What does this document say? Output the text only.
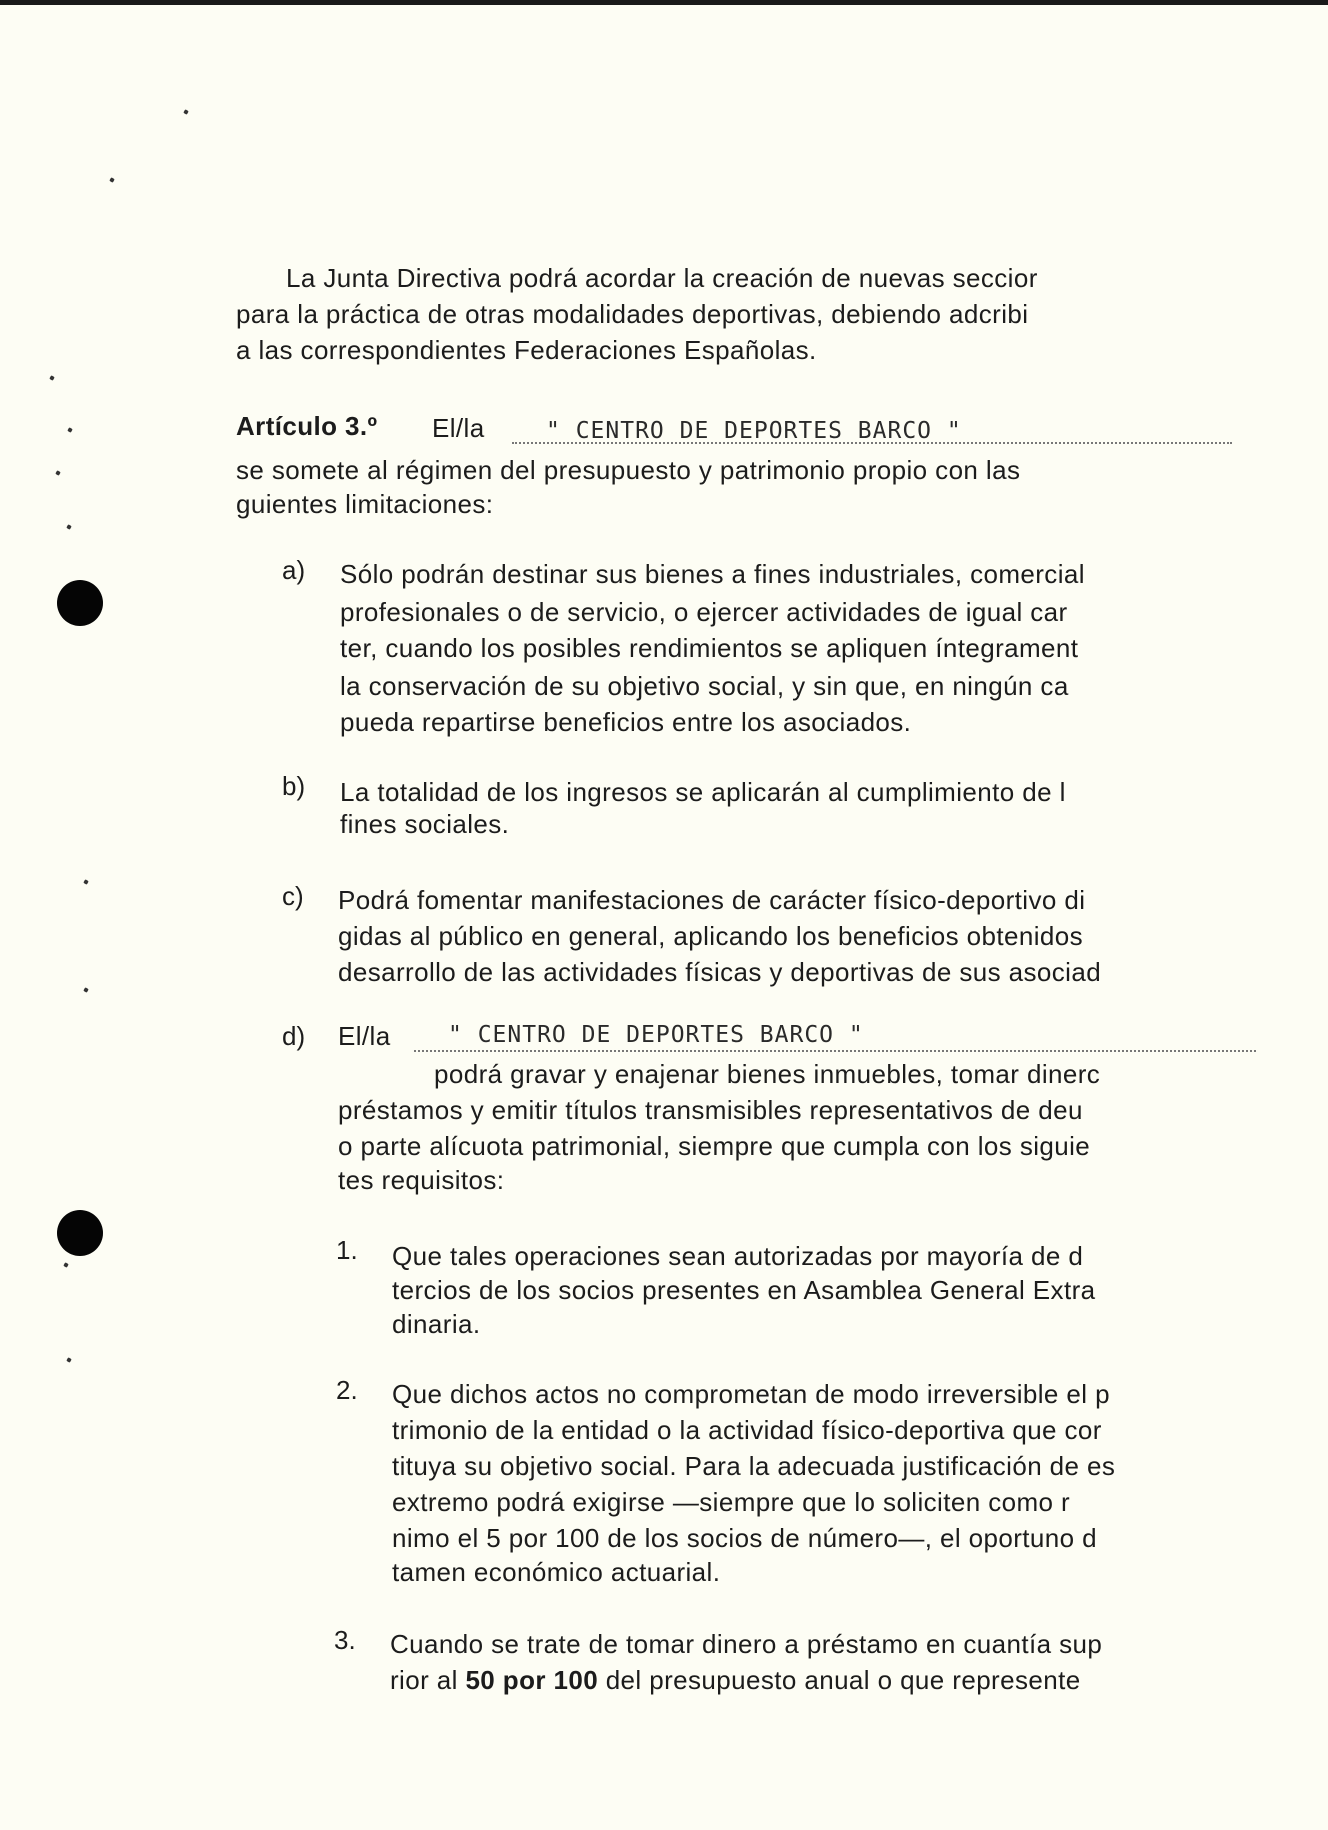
La Junta Directiva podrá acordar la creación de nuevas seccior
para la práctica de otras modalidades deportivas, debiendo adcribi
a las correspondientes Federaciones Españolas.
Artículo 3.º El/la	" CENTRO DE DEPORTES BARCO "
se somete al régimen del presupuesto y patrimonio propio con las
guientes limitaciones:
a) Sólo podrán destinar sus bienes a fines industriales, comercial
profesionales o de servicio, o ejercer actividades de igual car
ter, cuando los posibles rendimientos se apliquen íntegrament
la conservación de su objetivo social, y sin que, en ningún ca
pueda repartirse beneficios entre los asociados.
b) La totalidad de los ingresos se aplicarán al cumplimiento de l
fines sociales.
c) Podrá fomentar manifestaciones de carácter físico-deportivo di
gidas al público en general, aplicando los beneficios obtenidos
desarrollo de las actividades físicas y deportivas de sus asociad
d) El/la " CENTRO DE DEPORTES BARCO "
podrá gravar y enajenar bienes inmuebles, tomar dinerc
préstamos y emitir títulos transmisibles representativos de deu
o parte alícuota patrimonial, siempre que cumpla con los siguie
tes requisitos:
1. Que tales operaciones sean autorizadas por mayoría de d
tercios de los socios presentes en Asamblea General Extra
dinaria.
2. Que dichos actos no comprometan de modo irreversible el p
trimonio de la entidad o la actividad físico-deportiva que cor
tituya su objetivo social. Para la adecuada justificación de es
extremo podrá exigirse —siempre que lo soliciten como r
nimo el 5 por 100 de los socios de número—, el oportuno d
tamen económico actuarial.
3. Cuando se trate de tomar dinero a préstamo en cuantía sup
rior al 50 por 100 del presupuesto anual o que represente
